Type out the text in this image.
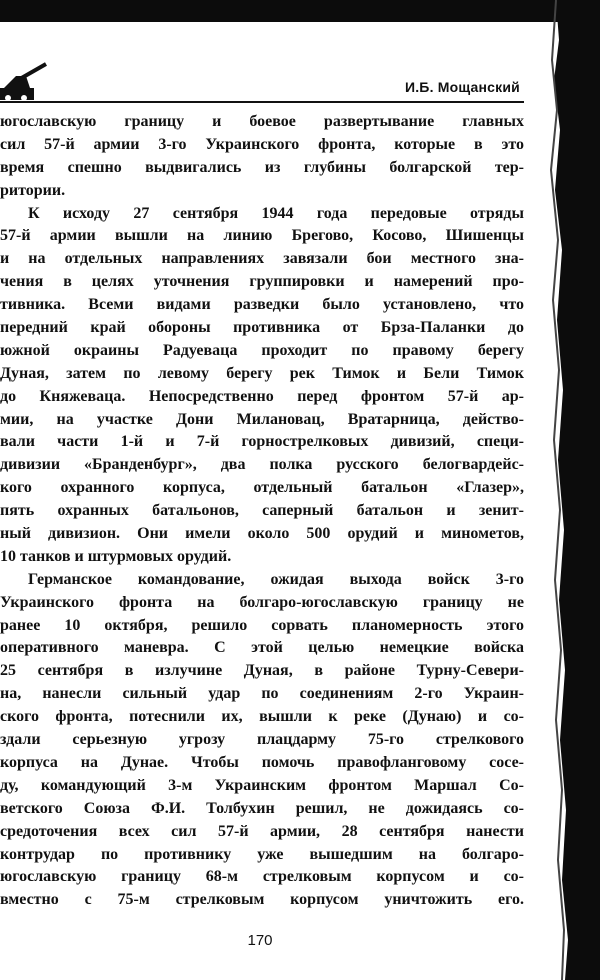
И.Б. Мощанский
югославскую границу и боевое развертывание главных
сил 57-й армии 3-го Украинского фронта, которые в это
время спешно выдвигались из глубины болгарской тер-
ритории.
К исходу 27 сентября 1944 года передовые отряды
57-й армии вышли на линию Брегово, Косово, Шишенцы
и на отдельных направлениях завязали бои местного зна-
чения в целях уточнения группировки и намерений про-
тивника. Всеми видами разведки было установлено, что
передний край обороны противника от Брза-Паланки до
южной окраины Радуеваца проходит по правому берегу
Дуная, затем по левому берегу рек Тимок и Бели Тимок
до Княжеваца. Непосредственно перед фронтом 57-й ар-
мии, на участке Дони Милановац, Вратарница, действо-
вали части 1-й и 7-й горнострелковых дивизий, специ-
дивизии «Бранденбург», два полка русского белогвардейс-
кого охранного корпуса, отдельный батальон «Глазер»,
пять охранных батальонов, саперный батальон и зенит-
ный дивизион. Они имели около 500 орудий и минометов,
10 танков и штурмовых орудий.
Германское командование, ожидая выхода войск 3-го
Украинского фронта на болгаро-югославскую границу не
ранее 10 октября, решило сорвать планомерность этого
оперативного маневра. С этой целью немецкие войска
25 сентября в излучине Дуная, в районе Турну-Севери-
на, нанесли сильный удар по соединениям 2-го Украин-
ского фронта, потеснили их, вышли к реке (Дунаю) и со-
здали серьезную угрозу плацдарму 75-го стрелкового
корпуса на Дунае. Чтобы помочь правофланговому сосе-
ду, командующий 3-м Украинским фронтом Маршал Со-
ветского Союза Ф.И. Толбухин решил, не дожидаясь со-
средоточения всех сил 57-й армии, 28 сентября нанести
контрудар по противнику уже вышедшим на болгаро-
югославскую границу 68-м стрелковым корпусом и со-
вместно с 75-м стрелковым корпусом уничтожить его.
170
